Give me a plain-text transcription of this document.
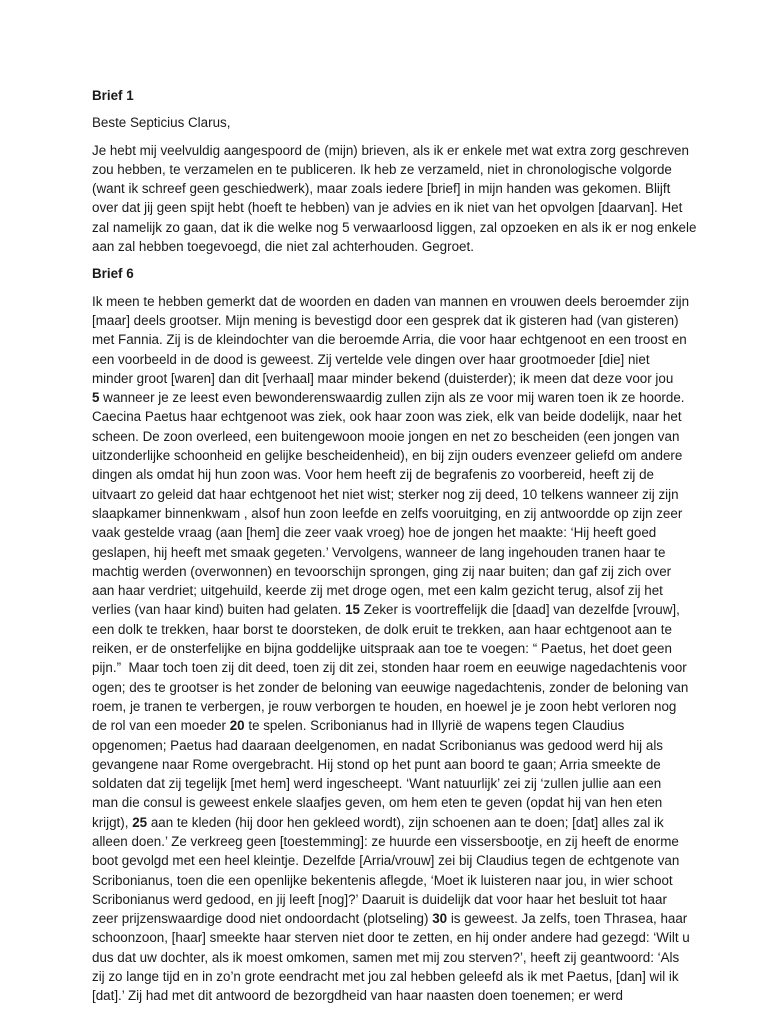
Brief 1

Beste Septicius Clarus,

Je hebt mij veelvuldig aangespoord de (mijn) brieven, als ik er enkele met wat extra zorg geschreven
zou hebben, te verzamelen en te publiceren. Ik heb ze verzameld, niet in chronologische volgorde
(want ik schreef geen geschiedwerk), maar zoals iedere [brief] in mijn handen was gekomen. Blijft
over dat jij geen spijt hebt (hoeft te hebben) van je advies en ik niet van het opvolgen [daarvan]. Het
zal namelijk zo gaan, dat ik die welke nog 5 verwaarloosd liggen, zal opzoeken en als ik er nog enkele
aan zal hebben toegevoegd, die niet zal achterhouden. Gegroet.
Brief 6
Ik meen te hebben gemerkt dat de woorden en daden van mannen en vrouwen deels beroemder zijn
[maar] deels grootser. Mijn mening is bevestigd door een gesprek dat ik gisteren had (van gisteren)
met Fannia. Zij is de kleindochter van die beroemde Arria, die voor haar echtgenoot en een troost en
een voorbeeld in de dood is geweest. Zij vertelde vele dingen over haar grootmoeder [die] niet
minder groot [waren] dan dit [verhaal] maar minder bekend (duisterder); ik meen dat deze voor jou
5 wanneer je ze leest even bewonderenswaardig zullen zijn als ze voor mij waren toen ik ze hoorde.
Caecina Paetus haar echtgenoot was ziek, ook haar zoon was ziek, elk van beide dodelijk, naar het
scheen. De zoon overleed, een buitengewoon mooie jongen en net zo bescheiden (een jongen van
uitzonderlijke schoonheid en gelijke bescheidenheid), en bij zijn ouders evenzeer geliefd om andere
dingen als omdat hij hun zoon was. Voor hem heeft zij de begrafenis zo voorbereid, heeft zij de
uitvaart zo geleid dat haar echtgenoot het niet wist; sterker nog zij deed, 10 telkens wanneer zij zijn
slaapkamer binnenkwam , alsof hun zoon leefde en zelfs vooruitging, en zij antwoordde op zijn zeer
vaak gestelde vraag (aan [hem] die zeer vaak vroeg) hoe de jongen het maakte: ‘Hij heeft goed
geslapen, hij heeft met smaak gegeten.’ Vervolgens, wanneer de lang ingehouden tranen haar te
machtig werden (overwonnen) en tevoorschijn sprongen, ging zij naar buiten; dan gaf zij zich over
aan haar verdriet; uitgehuild, keerde zij met droge ogen, met een kalm gezicht terug, alsof zij het
verlies (van haar kind) buiten had gelaten. 15 Zeker is voortreffelijk die [daad] van dezelfde [vrouw],
een dolk te trekken, haar borst te doorsteken, de dolk eruit te trekken, aan haar echtgenoot aan te
reiken, er de onsterfelijke en bijna goddelijke uitspraak aan toe te voegen: “ Paetus, het doet geen
pijn.”  Maar toch toen zij dit deed, toen zij dit zei, stonden haar roem en eeuwige nagedachtenis voor
ogen; des te grootser is het zonder de beloning van eeuwige nagedachtenis, zonder de beloning van
roem, je tranen te verbergen, je rouw verborgen te houden, en hoewel je je zoon hebt verloren nog
de rol van een moeder 20 te spelen. Scribonianus had in Illyrië de wapens tegen Claudius
opgenomen; Paetus had daaraan deelgenomen, en nadat Scribonianus was gedood werd hij als
gevangene naar Rome overgebracht. Hij stond op het punt aan boord te gaan; Arria smeekte de
soldaten dat zij tegelijk [met hem] werd ingescheept. ‘Want natuurlijk’ zei zij ‘zullen jullie aan een
man die consul is geweest enkele slaafjes geven, om hem eten te geven (opdat hij van hen eten
krijgt), 25 aan te kleden (hij door hen gekleed wordt), zijn schoenen aan te doen; [dat] alles zal ik
alleen doen.’ Ze verkreeg geen [toestemming]: ze huurde een vissersbootje, en zij heeft de enorme
boot gevolgd met een heel kleintje. Dezelfde [Arria/vrouw] zei bij Claudius tegen de echtgenote van
Scribonianus, toen die een openlijke bekentenis aflegde, ‘Moet ik luisteren naar jou, in wier schoot
Scribonianus werd gedood, en jij leeft [nog]?’ Daaruit is duidelijk dat voor haar het besluit tot haar
zeer prijzenswaardige dood niet ondoordacht (plotseling) 30 is geweest. Ja zelfs, toen Thrasea, haar
schoonzoon, [haar] smeekte haar sterven niet door te zetten, en hij onder andere had gezegd: ‘Wilt u
dus dat uw dochter, als ik moest omkomen, samen met mij zou sterven?’, heeft zij geantwoord: ‘Als
zij zo lange tijd en in zo’n grote eendracht met jou zal hebben geleefd als ik met Paetus, [dan] wil ik
[dat].’ Zij had met dit antwoord de bezorgdheid van haar naasten doen toenemen; er werd
